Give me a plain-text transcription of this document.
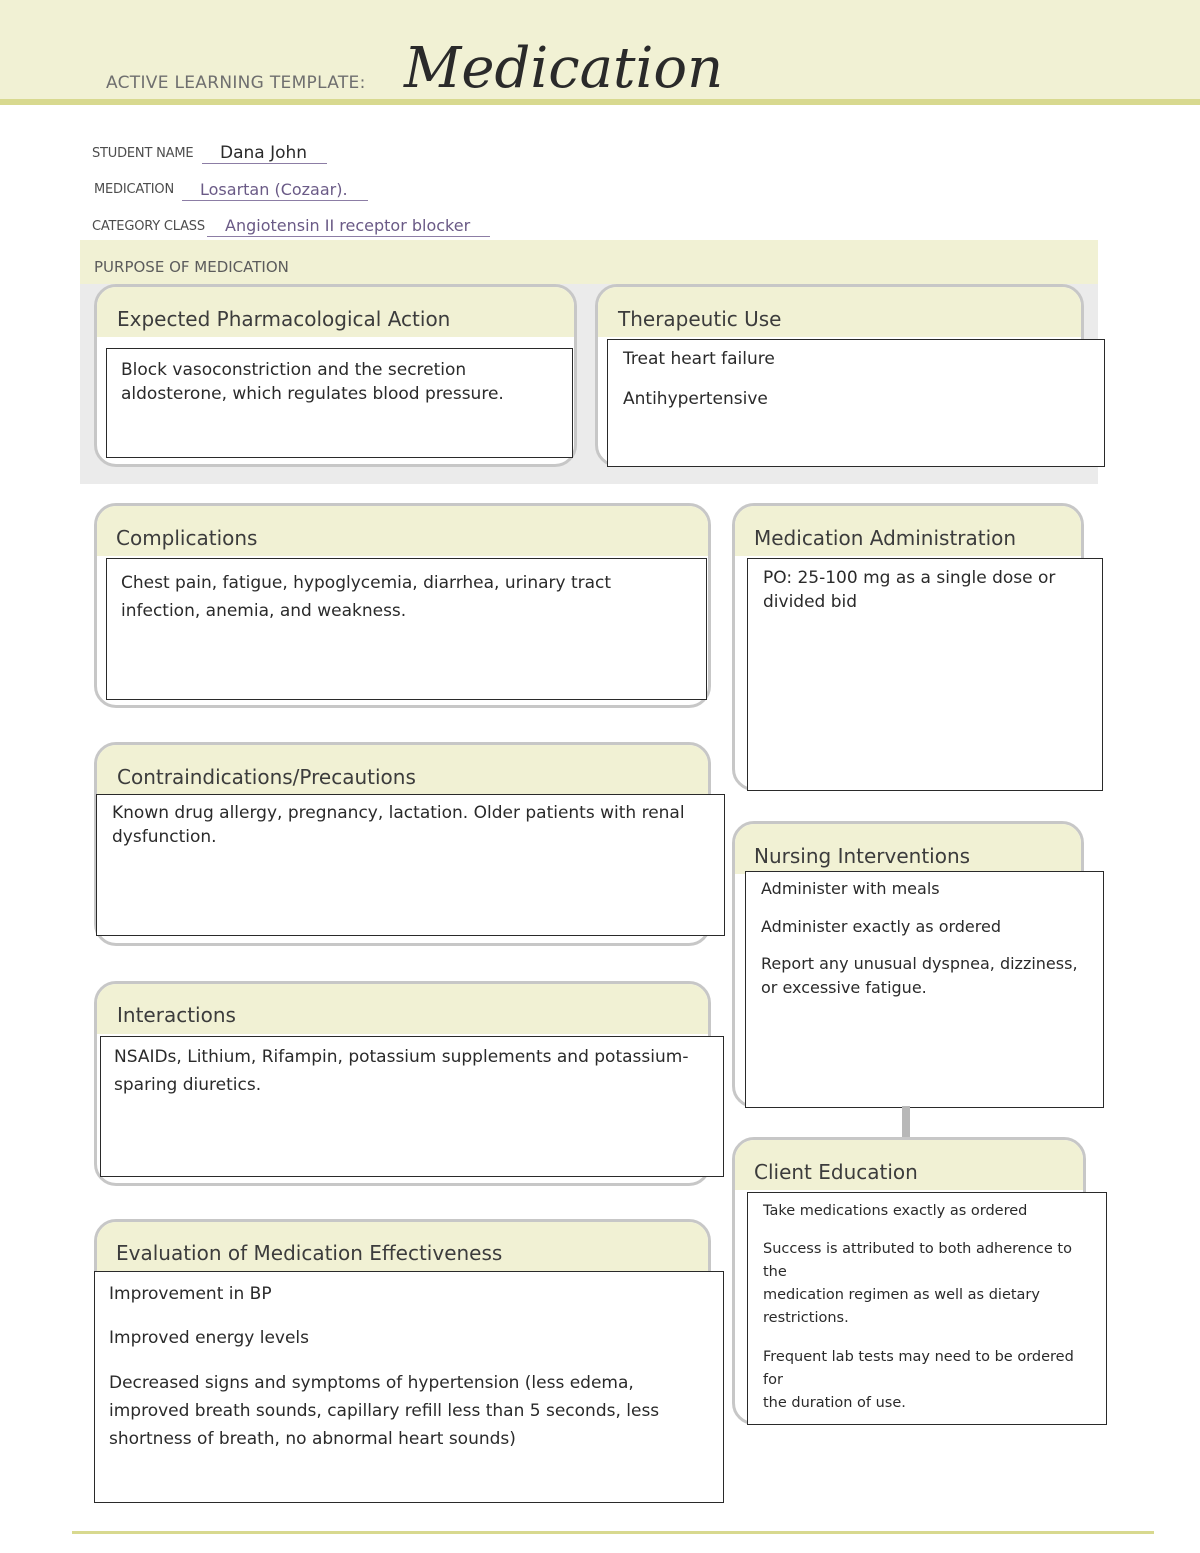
ACTIVE LEARNING TEMPLATE: Medication
STUDENT NAME	Dana John
MEDICATION	Losartan (Cozaar).
CATEGORY CLASS	Angiotensin II receptor blocker
PURPOSE OF MEDICATION
Expected Pharmacological Action

Block vasoconstriction and the secretion

aldosterone, which regulates blood pressure.

Therapeutic Use

Treat heart failure

Antihypertensive

Complications

Chest pain, fatigue, hypoglycemia, diarrhea, urinary tract

infection, anemia, and weakness.

Medication Administration

PO: 25-100 mg as a single dose or

divided bid

Contraindications/Precautions

Known drug allergy, pregnancy, lactation. Older patients with renal

dysfunction.

Nursing Interventions

Administer with meals

Administer exactly as ordered

Report any unusual dyspnea, dizziness,

or excessive fatigue.

Interactions

NSAIDs, Lithium, Rifampin, potassium supplements and potassium-

sparing diuretics.

Client Education

Take medications exactly as ordered

Success is attributed to both adherence to the

medication regimen as well as dietary

restrictions.

Frequent lab tests may need to be ordered for

the duration of use.

Evaluation of Medication Effectiveness

Improvement in BP

Improved energy levels

Decreased signs and symptoms of hypertension (less edema,

improved breath sounds, capillary refill less than 5 seconds, less

shortness of breath, no abnormal heart sounds)
